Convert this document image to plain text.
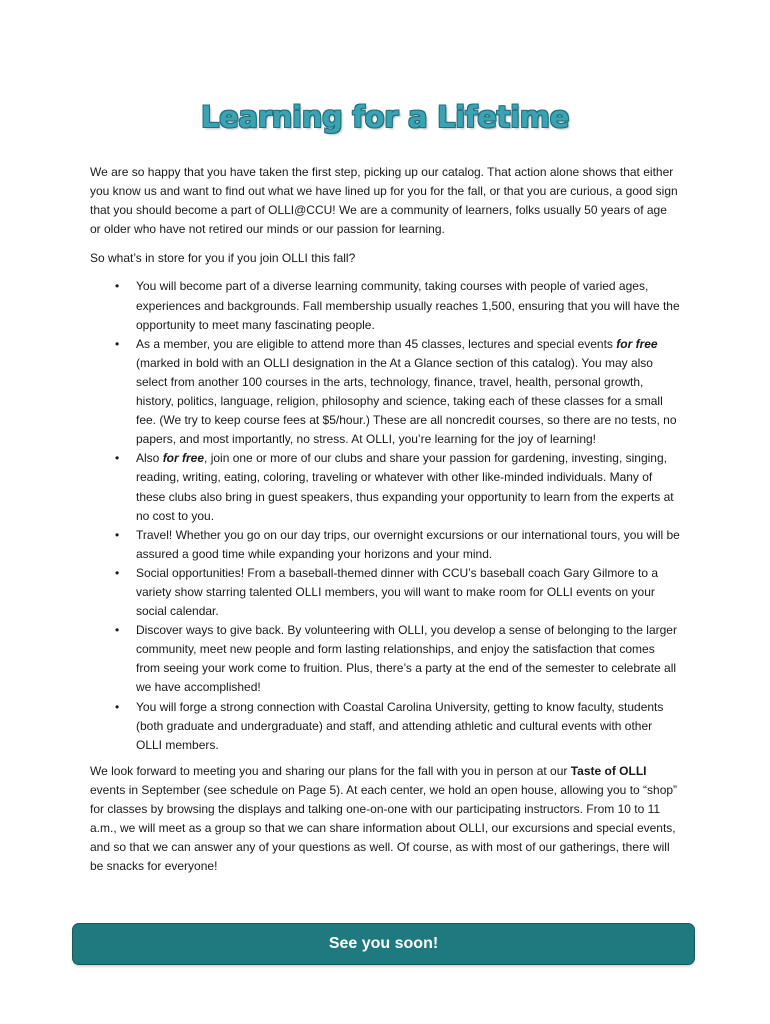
Learning for a Lifetime

We are so happy that you have taken the first step, picking up our catalog. That action alone shows that either you know us and want to find out what we have lined up for you for the fall, or that you are curious, a good sign that you should become a part of OLLI@CCU! We are a community of learners, folks usually 50 years of age or older who have not retired our minds or our passion for learning.

So what’s in store for you if you join OLLI this fall?

• You will become part of a diverse learning community, taking courses with people of varied ages, experiences and backgrounds. Fall membership usually reaches 1,500, ensuring that you will have the opportunity to meet many fascinating people.
• As a member, you are eligible to attend more than 45 classes, lectures and special events for free (marked in bold with an OLLI designation in the At a Glance section of this catalog). You may also select from another 100 courses in the arts, technology, finance, travel, health, personal growth, history, politics, language, religion, philosophy and science, taking each of these classes for a small fee. (We try to keep course fees at $5/hour.) These are all noncredit courses, so there are no tests, no papers, and most importantly, no stress. At OLLI, you’re learning for the joy of learning!
• Also for free, join one or more of our clubs and share your passion for gardening, investing, singing, reading, writing, eating, coloring, traveling or whatever with other like-minded individuals. Many of these clubs also bring in guest speakers, thus expanding your opportunity to learn from the experts at no cost to you.
• Travel! Whether you go on our day trips, our overnight excursions or our international tours, you will be assured a good time while expanding your horizons and your mind.
• Social opportunities! From a baseball-themed dinner with CCU’s baseball coach Gary Gilmore to a variety show starring talented OLLI members, you will want to make room for OLLI events on your social calendar.
• Discover ways to give back. By volunteering with OLLI, you develop a sense of belonging to the larger community, meet new people and form lasting relationships, and enjoy the satisfaction that comes from seeing your work come to fruition. Plus, there’s a party at the end of the semester to celebrate all we have accomplished!
• You will forge a strong connection with Coastal Carolina University, getting to know faculty, students (both graduate and undergraduate) and staff, and attending athletic and cultural events with other OLLI members.

We look forward to meeting you and sharing our plans for the fall with you in person at our Taste of OLLI events in September (see schedule on Page 5). At each center, we hold an open house, allowing you to “shop” for classes by browsing the displays and talking one-on-one with our participating instructors. From 10 to 11 a.m., we will meet as a group so that we can share information about OLLI, our excursions and special events, and so that we can answer any of your questions as well. Of course, as with most of our gatherings, there will be snacks for everyone!

See you soon!
